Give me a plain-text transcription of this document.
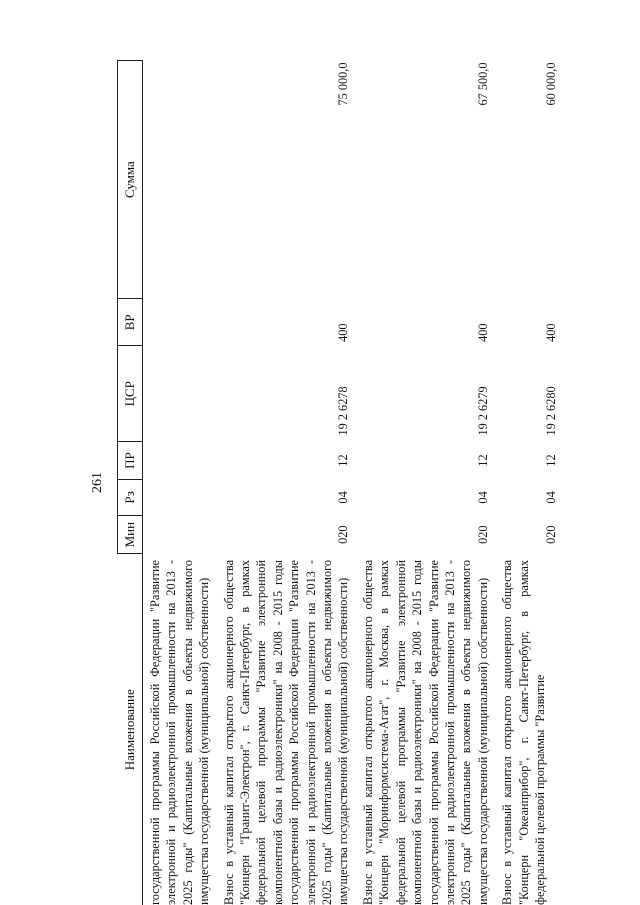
261
Наименование	Мин	Рз	ПР	ЦСР	ВР	Сумма
государственной программы Российской Федерации "Развитие электронной и радиоэлектронной промышленности на 2013 - 2025 годы" (Капитальные вложения в объекты недвижимого имущества государственной (муниципальной) собственности)						
Взнос в уставный капитал открытого акционерного общества "Концерн "Гранит-Электрон", г. Санкт-Петербург, в рамках федеральной целевой программы "Развитие электронной компонентной базы и радиоэлектроники" на 2008 - 2015 годы государственной программы Российской Федерации "Развитие электронной и радиоэлектронной промышленности на 2013 - 2025 годы" (Капитальные вложения в объекты недвижимого имущества государственной (муниципальной) собственности)	020	04	12	19 2 6278	400	75 000,0
Взнос в уставный капитал открытого акционерного общества "Концерн "Моринформсистема-Агат", г. Москва, в рамках федеральной целевой программы "Развитие электронной компонентной базы и радиоэлектроники" на 2008 - 2015 годы государственной программы Российской Федерации "Развитие электронной и радиоэлектронной промышленности на 2013 - 2025 годы" (Капитальные вложения в объекты недвижимого имущества государственной (муниципальной) собственности)	020	04	12	19 2 6279	400	67 500,0
Взнос в уставный капитал открытого акционерного общества "Концерн "Океанприбор", г. Санкт-Петербург, в рамках федеральной целевой программы "Развитие	020	04	12	19 2 6280	400	60 000,0
